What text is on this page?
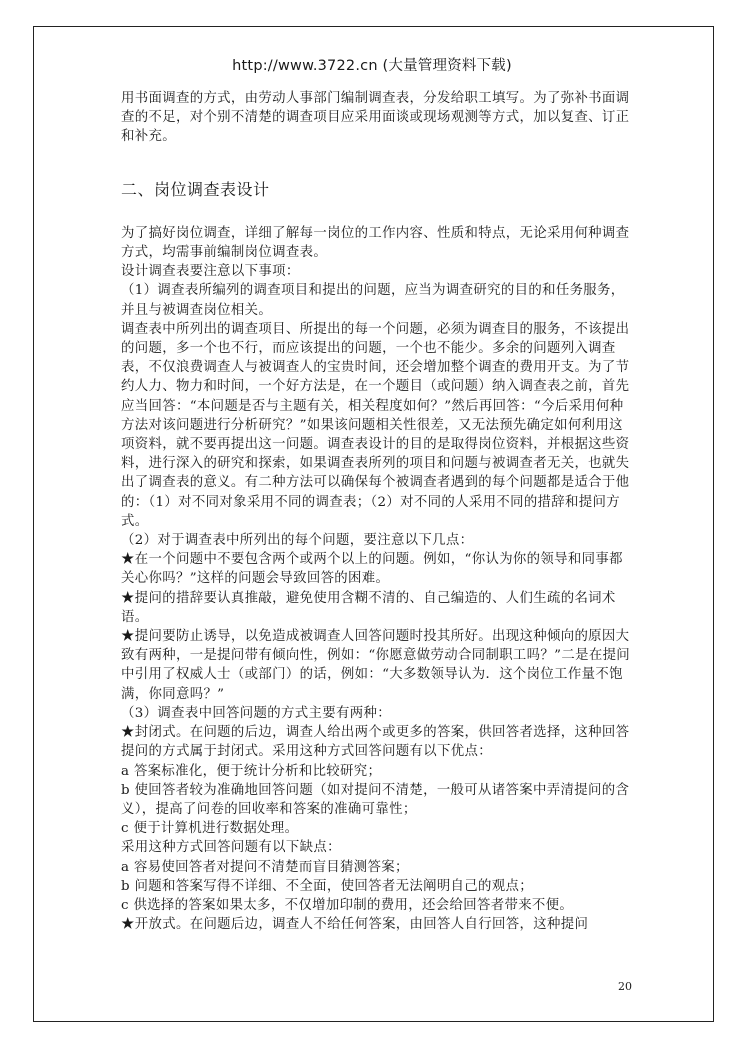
http://www.3722.cn (大量管理资料下载)

用书面调查的方式，由劳动人事部门编制调查表，分发给职工填写。为了弥补书面调查的不足，对个别不清楚的调查项目应采用面谈或现场观测等方式，加以复查、订正和补充。

二、岗位调查表设计

为了搞好岗位调查，详细了解每一岗位的工作内容、性质和特点，无论采用何种调查方式，均需事前编制岗位调查表。

设计调查表要注意以下事项：

（1）调查表所编列的调查项目和提出的问题，应当为调查研究的目的和任务服务，并且与被调查岗位相关。

调查表中所列出的调查项目、所提出的每一个问题，必须为调查目的服务，不该提出的问题，多一个也不行，而应该提出的问题，一个也不能少。多余的问题列入调查表，不仅浪费调查人与被调查人的宝贵时间，还会增加整个调查的费用开支。为了节约人力、物力和时间，一个好方法是，在一个题目（或问题）纳入调查表之前，首先应当回答：“本问题是否与主题有关，相关程度如何？”然后再回答：“今后采用何种方法对该问题进行分析研究？”如果该问题相关性很差，又无法预先确定如何利用这项资料，就不要再提出这一问题。调查表设计的目的是取得岗位资料，并根据这些资料，进行深入的研究和探索，如果调查表所列的项目和问题与被调查者无关，也就失出了调查表的意义。有二种方法可以确保每个被调查者遇到的每个问题都是适合于他的：（1）对不同对象采用不同的调查表；（2）对不同的人采用不同的措辞和提问方式。

（2）对于调查表中所列出的每个问题，要注意以下几点：

★在一个问题中不要包含两个或两个以上的问题。例如，“你认为你的领导和同事都关心你吗？”这样的问题会导致回答的困难。

★提问的措辞要认真推敲，避免使用含糊不清的、自己编造的、人们生疏的名词术语。

★提问要防止诱导，以免造成被调查人回答问题时投其所好。出现这种倾向的原因大致有两种，一是提问带有倾向性，例如：“你愿意做劳动合同制职工吗？”二是在提问中引用了权威人士（或部门）的话，例如：“大多数领导认为．这个岗位工作量不饱满，你同意吗？”

（3）调查表中回答问题的方式主要有两种：

★封闭式。在问题的后边，调查人给出两个或更多的答案，供回答者选择，这种回答提问的方式属于封闭式。采用这种方式回答问题有以下优点：

a 答案标准化，便于统计分析和比较研究；

b 使回答者较为准确地回答问题（如对提问不清楚，一般可从诸答案中弄清提问的含义），提高了问卷的回收率和答案的准确可靠性；

c 便于计算机进行数据处理。

采用这种方式回答问题有以下缺点：

a 容易使回答者对提问不清楚而盲目猜测答案；

b 问题和答案写得不详细、不全面，使回答者无法阐明自己的观点；

c 供选择的答案如果太多，不仅增加印制的费用，还会给回答者带来不便。

★开放式。在问题后边，调查人不给任何答案，由回答人自行回答，这种提问

20
